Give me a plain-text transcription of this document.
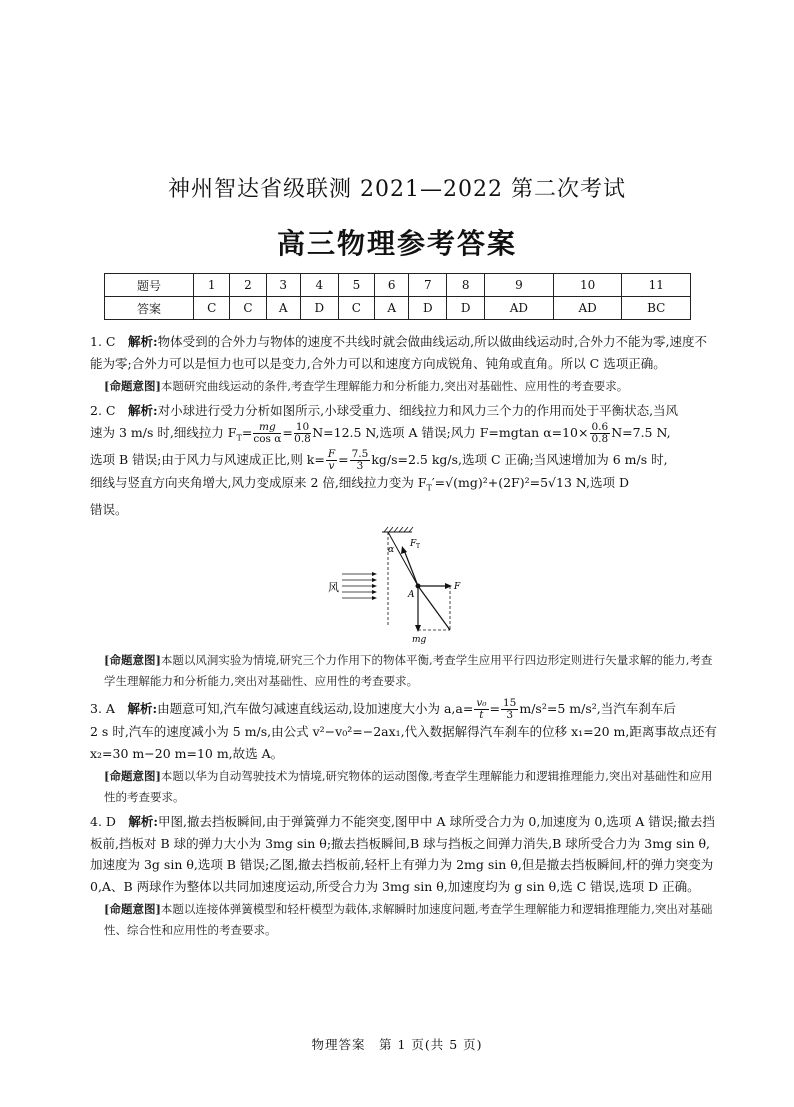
神州智达省级联测 2021—2022 第二次考试
高三物理参考答案
题号	1	2	3	4	5	6	7	8	9	10	11
答案	C	C	A	D	C	A	D	D	AD	AD	BC

1. C　解析:物体受到的合外力与物体的速度不共线时就会做曲线运动,所以做曲线运动时,合外力不能为零,速度不能为零;合外力可以是恒力也可以是变力,合外力可以和速度方向成锐角、钝角或直角。所以 C 选项正确。

[命题意图]本题研究曲线运动的条件,考查学生理解能力和分析能力,突出对基础性、应用性的考查要求。

2. C　解析:对小球进行受力分析如图所示,小球受重力、细线拉力和风力三个力的作用而处于平衡状态,当风
速为 3 m/s 时,细线拉力 $F_T= \frac{mg}{\text{cos α}} = \frac{10}{0.8} N=12.5$ N,选项 A 错误;风力 F=mgtan $\alpha=10\times \frac{0.6}{0.8} N=7.5$ N,
选项 B 错误;由于风力与风速成正比,则 $k= \frac{F}{v}= \frac{7.5}{3} kg/s=2.5$ kg/s,选项 C 正确;当风速增加为 6 m/s 时,
细线与竖直方向夹角增大,风力变成原来 2 倍,细线拉力变为 $F_T'=√(mg)^2+(2F)^2=5√13$ N,选项 D
错误。

风
α
F T
F
A
mg

[命题意图]本题以风洞实验为情境,研究三个力作用下的物体平衡,考查学生应用平行四边形定则进行矢量求解的能力,考查学生理解能力和分析能力,突出对基础性、应用性的考查要求。

3. A　解析:由题意可知,汽车做匀减速直线运动,设加速度大小为 $a,a= \frac{\text{v₀}}{t}= \frac{15}{3} m/s^2=5$ m/s²,当汽车刹车后
2 s 时,汽车的速度减小为 5 m/s,由公式 v²−v₀²=−2ax₁,代入数据解得汽车刹车的位移 x₁=20 m,距离事故点还有 x₂=30 m−20 m=10 m,故选 A。

[命题意图]本题以华为自动驾驶技术为情境,研究物体的运动图像,考查学生理解能力和逻辑推理能力,突出对基础性和应用性的考查要求。

4. D　解析:甲图,撤去挡板瞬间,由于弹簧弹力不能突变,图甲中 A 球所受合力为 0,加速度为 0,选项 A 错误;撤去挡板前,挡板对 B 球的弹力大小为 3mg sin θ;撤去挡板瞬间,B 球与挡板之间弹力消失,B 球所受合力为 3mg sin θ,加速度为 3g sin θ,选项 B 错误;乙图,撤去挡板前,轻杆上有弹力为 2mg sin θ,但是撤去挡板瞬间,杆的弹力突变为 0,A、B 两球作为整体以共同加速度运动,所受合力为 3mg sin θ,加速度均为 g sin θ,选 C 错误,选项 D 正确。

[命题意图]本题以连接体弹簧模型和轻杆模型为载体,求解瞬时加速度问题,考查学生理解能力和逻辑推理能力,突出对基础性、综合性和应用性的考查要求。

物理答案　第 1 页(共 5 页)
